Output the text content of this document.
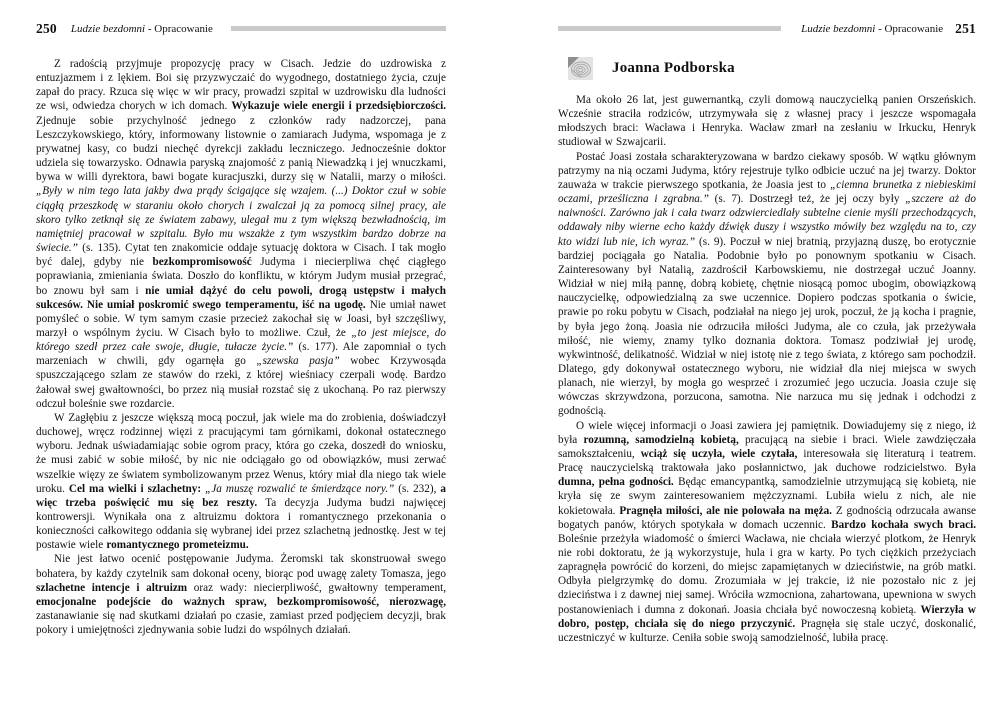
250 Ludzie bezdomni - Opracowanie

Z radością przyjmuje propozycję pracy w Cisach. Jedzie do uzdrowiska z entuzjazmem i z lękiem. Boi się przyzwyczaić do wygodnego, dostatniego życia, czuje zapał do pracy. Rzuca się więc w wir pracy, prowadzi szpital w uzdrowisku dla ludności ze wsi, odwiedza chorych w ich domach. Wykazuje wiele energii i przedsiębiorczości. Zjednuje sobie przychylność jednego z członków rady nadzorczej, pana Leszczykowskiego, który, informowany listownie o zamiarach Judyma, wspomaga je z prywatnej kasy, co budzi niechęć dyrekcji zakładu leczniczego. Jednocześnie doktor udziela się towarzysko. Odnawia paryską znajomość z panią Niewadzką i jej wnuczkami, bywa w willi dyrektora, bawi bogate kuracjuszki, durzy się w Natalii, marzy o miłości. „Były w nim tego lata jakby dwa prądy ścigające się wzajem. (...) Doktor czuł w sobie ciągłą przeszkodę w staraniu około chorych i zwalczał ją za pomocą silnej pracy, ale skoro tylko zetknął się ze światem zabawy, ulegał mu z tym większą bezwładnością, im namiętniej pracował w szpitalu. Było mu wszakże z tym wszystkim bardzo dobrze na świecie.” (s. 135). Cytat ten znakomicie oddaje sytuację doktora w Cisach. I tak mogło być dalej, gdyby nie bezkompromisowość Judyma i niecierpliwa chęć ciągłego poprawiania, zmieniania świata. Doszło do konfliktu, w którym Judym musiał przegrać, bo znowu był sam i nie umiał dążyć do celu powoli, drogą ustępstw i małych sukcesów. Nie umiał poskromić swego temperamentu, iść na ugodę. Nie umiał nawet pomyśleć o sobie. W tym samym czasie przecież zakochał się w Joasi, był szczęśliwy, marzył o wspólnym życiu. W Cisach było to możliwe. Czuł, że „to jest miejsce, do którego szedł przez całe swoje, długie, tułacze życie.” (s. 177). Ale zapomniał o tych marzeniach w chwili, gdy ogarnęła go „szewska pasja” wobec Krzywosąda spuszczającego szlam ze stawów do rzeki, z której wieśniacy czerpali wodę. Bardzo żałował swej gwałtowności, bo przez nią musiał rozstać się z ukochaną. Po raz pierwszy odczuł boleśnie swe rozdarcie.

W Zagłębiu z jeszcze większą mocą poczuł, jak wiele ma do zrobienia, doświadczył duchowej, wręcz rodzinnej więzi z pracującymi tam górnikami, dokonał ostatecznego wyboru. Jednak uświadamiając sobie ogrom pracy, która go czeka, doszedł do wniosku, że musi zabić w sobie miłość, by nic nie odciągało go od obowiązków, musi zerwać wszelkie więzy ze światem symbolizowanym przez Wenus, który miał dla niego tak wiele uroku. Cel ma wielki i szlachetny: „Ja muszę rozwalić te śmierdzące nory.” (s. 232), a więc trzeba poświęcić mu się bez reszty. Ta decyzja Judyma budzi najwięcej kontrowersji. Wynikała ona z altruizmu doktora i romantycznego przekonania o konieczności całkowitego oddania się wybranej idei przez szlachetną jednostkę. Jest w tej postawie wiele romantycznego prometeizmu.

Nie jest łatwo ocenić postępowanie Judyma. Żeromski tak skonstruował swego bohatera, by każdy czytelnik sam dokonał oceny, biorąc pod uwagę zalety Tomasza, jego szlachetne intencje i altruizm oraz wady: niecierpliwość, gwałtowny temperament, emocjonalne podejście do ważnych spraw, bezkompromisowość, nierozwagę, zastanawianie się nad skutkami działań po czasie, zamiast przed podjęciem decyzji, brak pokory i umiejętności zjednywania sobie ludzi do wspólnych działań.

Ludzie bezdomni - Opracowanie 251
Joanna Podborska

Ma około 26 lat, jest guwernantką, czyli domową nauczycielką panien Orszeńskich. Wcześnie straciła rodziców, utrzymywała się z własnej pracy i jeszcze wspomagała młodszych braci: Wacława i Henryka. Wacław zmarł na zesłaniu w Irkucku, Henryk studiował w Szwajcarii.

Postać Joasi została scharakteryzowana w bardzo ciekawy sposób. W wątku głównym patrzymy na nią oczami Judyma, który rejestruje tylko odbicie uczuć na jej twarzy. Doktor zauważa w trakcie pierwszego spotkania, że Joasia jest to „ciemna brunetka z niebieskimi oczami, prześliczna i zgrabna.” (s. 7). Dostrzegł też, że jej oczy były „szczere aż do naiwności. Zarówno jak i cała twarz odzwierciedlały subtelne cienie myśli przechodzących, oddawały niby wierne echo każdy dźwięk duszy i wszystko mówiły bez względu na to, czy kto widzi lub nie, ich wyraz.” (s. 9). Poczuł w niej bratnią, przyjazną duszę, bo erotycznie bardziej pociągała go Natalia. Podobnie było po ponownym spotkaniu w Cisach. Zainteresowany był Natalią, zazdrościł Karbowskiemu, nie dostrzegał uczuć Joanny. Widział w niej miłą pannę, dobrą kobietę, chętnie niosącą pomoc ubogim, obowiązkową nauczycielkę, odpowiedzialną za swe uczennice. Dopiero podczas spotkania o świcie, prawie po roku pobytu w Cisach, podziałał na niego jej urok, poczuł, że ją kocha i pragnie, by była jego żoną. Joasia nie odrzuciła miłości Judyma, ale co czuła, jak przeżywała miłość, nie wiemy, znamy tylko doznania doktora. Tomasz podziwiał jej urodę, wykwintność, delikatność. Widział w niej istotę nie z tego świata, z którego sam pochodził. Dlatego, gdy dokonywał ostatecznego wyboru, nie widział dla niej miejsca w swych planach, nie wierzył, by mogła go wesprzeć i zrozumieć jego uczucia. Joasia czuje się wówczas skrzywdzona, porzucona, samotna. Nie narzuca mu się jednak i odchodzi z godnością.

O wiele więcej informacji o Joasi zawiera jej pamiętnik. Dowiadujemy się z niego, iż była rozumną, samodzielną kobietą, pracującą na siebie i braci. Wiele zawdzięczała samokształceniu, wciąż się uczyła, wiele czytała, interesowała się literaturą i teatrem. Pracę nauczycielską traktowała jako posłannictwo, jak duchowe rodzicielstwo. Była dumna, pełna godności. Będąc emancypantką, samodzielnie utrzymującą się kobietą, nie kryła się ze swym zainteresowaniem mężczyznami. Lubiła wielu z nich, ale nie kokietowała. Pragnęła miłości, ale nie polowała na męża. Z godnością odrzucała awanse bogatych panów, których spotykała w domach uczennic. Bardzo kochała swych braci. Boleśnie przeżyła wiadomość o śmierci Wacława, nie chciała wierzyć plotkom, że Henryk nie robi doktoratu, że ją wykorzystuje, hula i gra w karty. Po tych ciężkich przeżyciach zapragnęła powrócić do korzeni, do miejsc zapamiętanych w dzieciństwie, na grób matki. Odbyła pielgrzymkę do domu. Zrozumiała w jej trakcie, iż nie pozostało nic z jej dzieciństwa i z dawnej niej samej. Wróciła wzmocniona, zahartowana, upewniona w swych postanowieniach i dumna z dokonań. Joasia chciała być nowoczesną kobietą. Wierzyła w dobro, postęp, chciała się do niego przyczynić. Pragnęła się stale uczyć, doskonalić, uczestniczyć w kulturze. Ceniła sobie swoją samodzielność, lubiła pracę.
